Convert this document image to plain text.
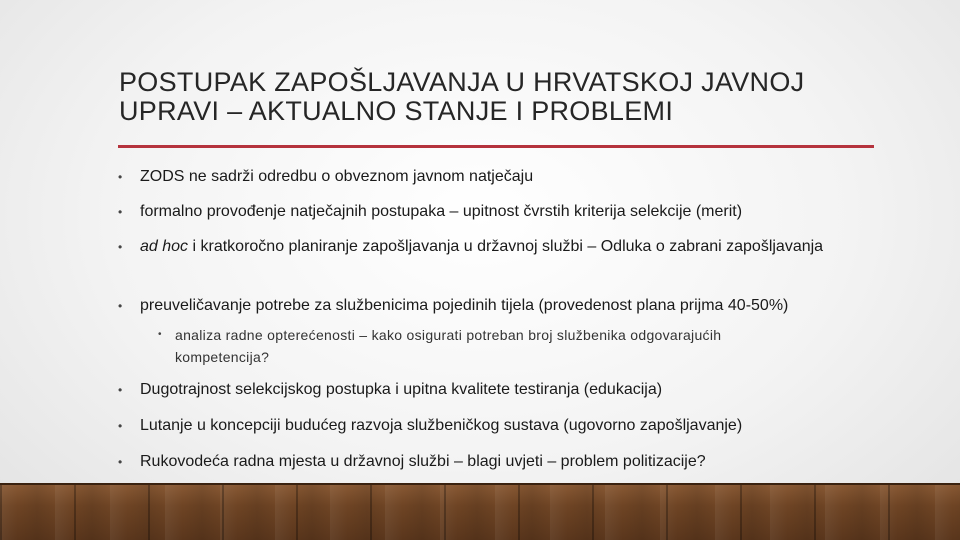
POSTUPAK ZAPOŠLJAVANJA U HRVATSKOJ JAVNOJ UPRAVI – AKTUALNO STANJE I PROBLEMI
•	ZODS ne sadrži odredbu o obveznom javnom natječaju
•	formalno provođenje natječajnih postupaka – upitnost čvrstih kriterija selekcije (merit)
•	ad hoc i kratkoročno planiranje zapošljavanja u državnoj službi – Odluka o zabrani zapošljavanja
•	preuveličavanje potrebe za službenicima pojedinih tijela (provedenost plana prijma 40-50%)
• analiza radne opterećenosti – kako osigurati potreban broj službenika odgovarajućih kompetencija?
•	Dugotrajnost selekcijskog postupka i upitna kvalitete testiranja (edukacija)
•	Lutanje u koncepciji budućeg razvoja službeničkog sustava (ugovorno zapošljavanje)
•	Rukovodeća radna mjesta u državnoj službi – blagi uvjeti – problem politizacije?
